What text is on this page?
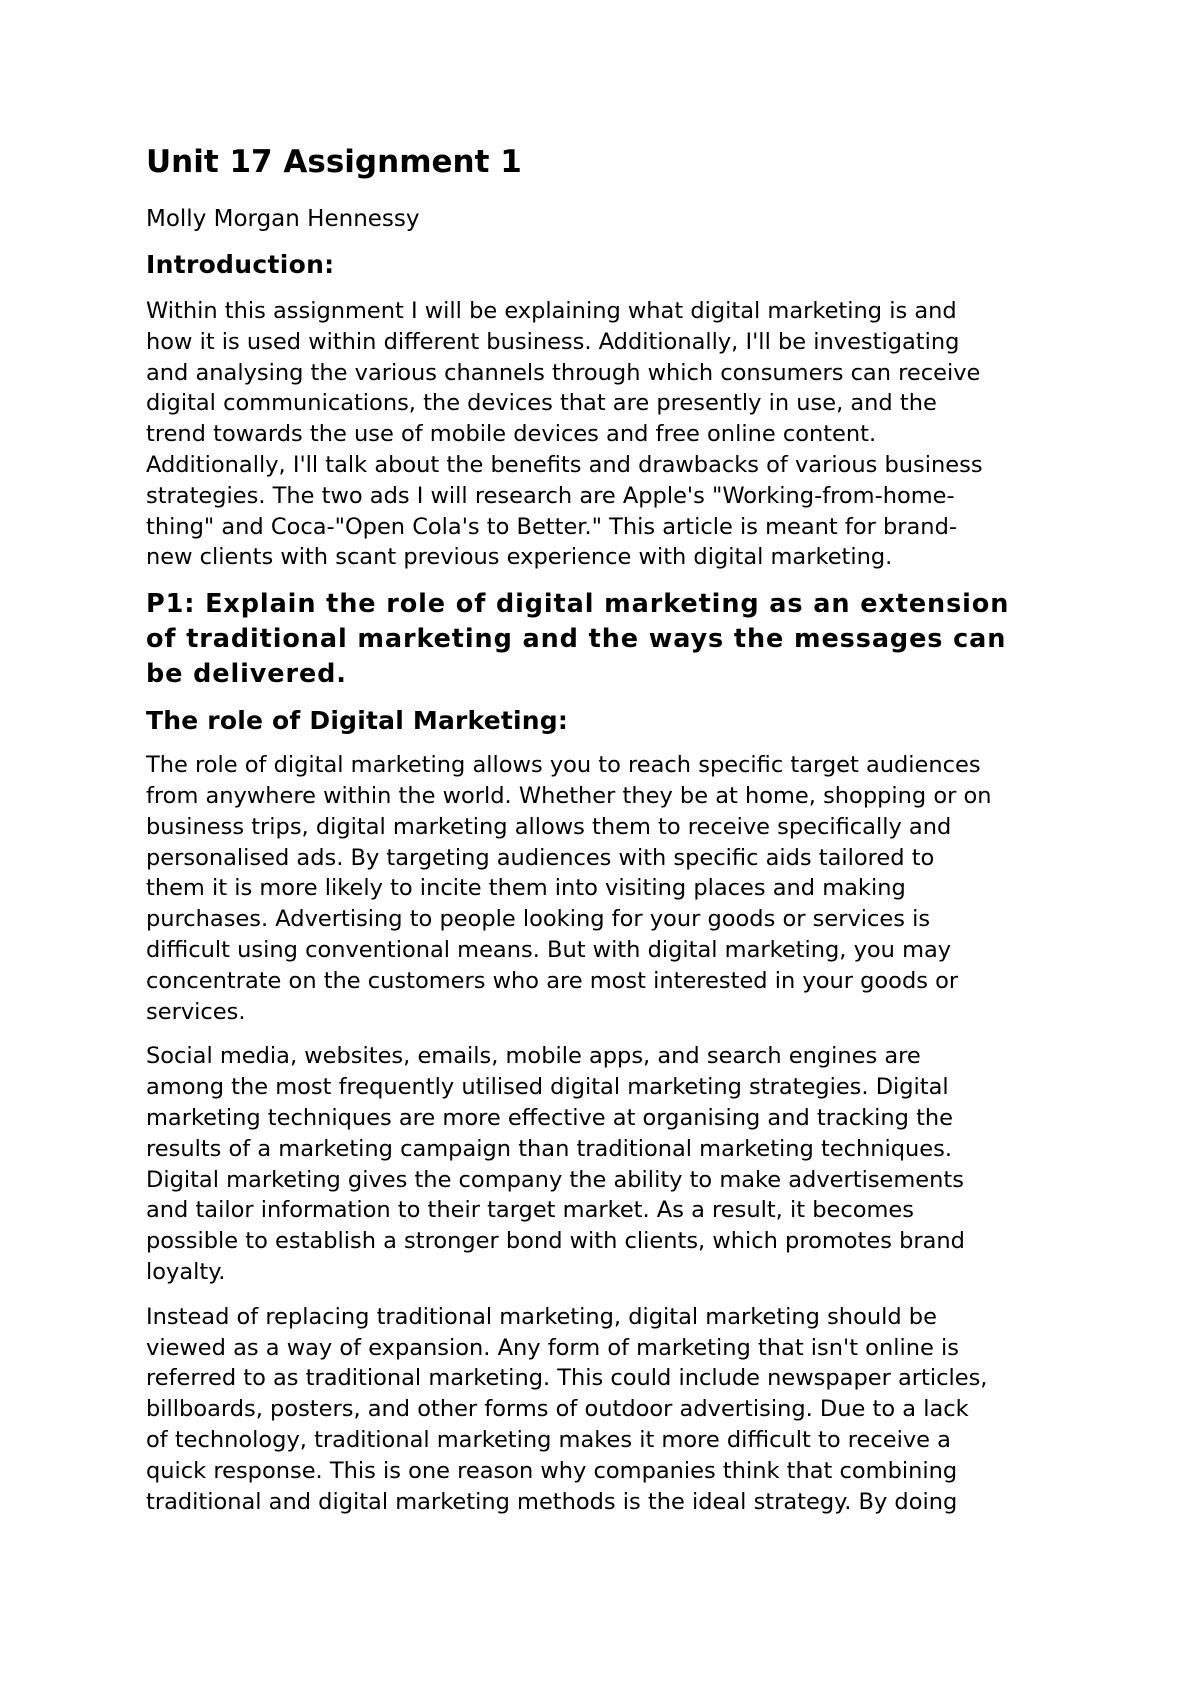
Unit 17 Assignment 1

Molly Morgan Hennessy

Introduction:

Within this assignment I will be explaining what digital marketing is and
how it is used within different business. Additionally, I'll be investigating
and analysing the various channels through which consumers can receive
digital communications, the devices that are presently in use, and the
trend towards the use of mobile devices and free online content.
Additionally, I'll talk about the benefits and drawbacks of various business
strategies. The two ads I will research are Apple's "Working-from-home-
thing" and Coca-"Open Cola's to Better." This article is meant for brand-
new clients with scant previous experience with digital marketing.

P1: Explain the role of digital marketing as an extension
of traditional marketing and the ways the messages can
be delivered.
The role of Digital Marketing:

The role of digital marketing allows you to reach specific target audiences
from anywhere within the world. Whether they be at home, shopping or on
business trips, digital marketing allows them to receive specifically and
personalised ads. By targeting audiences with specific aids tailored to
them it is more likely to incite them into visiting places and making
purchases. Advertising to people looking for your goods or services is
difficult using conventional means. But with digital marketing, you may
concentrate on the customers who are most interested in your goods or
services.

Social media, websites, emails, mobile apps, and search engines are
among the most frequently utilised digital marketing strategies. Digital
marketing techniques are more effective at organising and tracking the
results of a marketing campaign than traditional marketing techniques.
Digital marketing gives the company the ability to make advertisements
and tailor information to their target market. As a result, it becomes
possible to establish a stronger bond with clients, which promotes brand
loyalty.

Instead of replacing traditional marketing, digital marketing should be
viewed as a way of expansion. Any form of marketing that isn't online is
referred to as traditional marketing. This could include newspaper articles,
billboards, posters, and other forms of outdoor advertising. Due to a lack
of technology, traditional marketing makes it more difficult to receive a
quick response. This is one reason why companies think that combining
traditional and digital marketing methods is the ideal strategy. By doing
